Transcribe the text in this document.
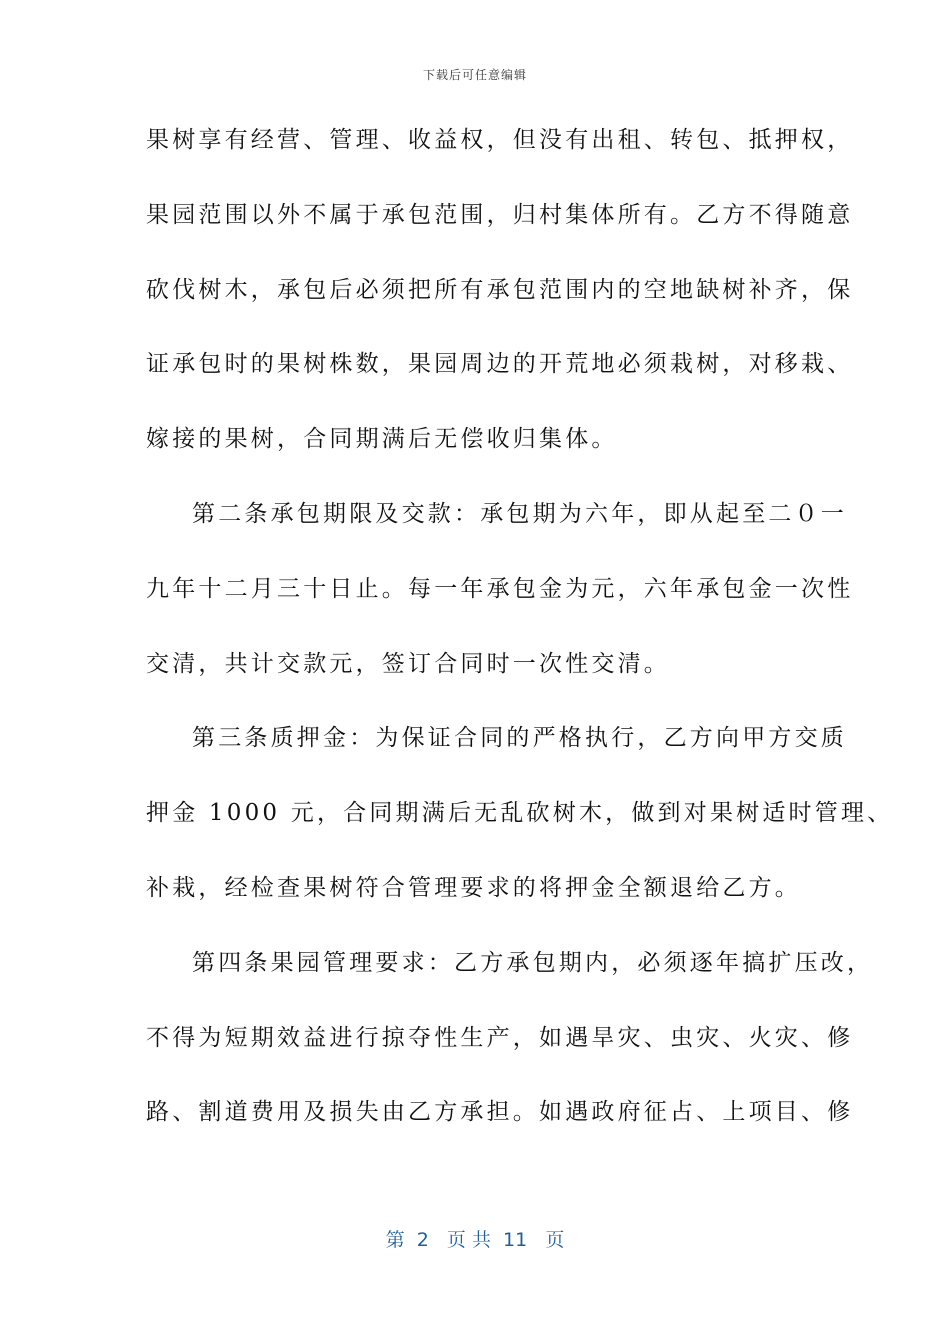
下载后可任意编辑
果树享有经营、管理、收益权，但没有出租、转包、抵押权，
果园范围以外不属于承包范围，归村集体所有。乙方不得随意
砍伐树木，承包后必须把所有承包范围内的空地缺树补齐，保
证承包时的果树株数，果园周边的开荒地必须栽树，对移栽、
嫁接的果树，合同期满后无偿收归集体。
第二条承包期限及交款：承包期为六年，即从起至二０一
九年十二月三十日止。每一年承包金为元，六年承包金一次性
交清，共计交款元，签订合同时一次性交清。
第三条质押金：为保证合同的严格执行，乙方向甲方交质
押金 1000 元，合同期满后无乱砍树木，做到对果树适时管理、
补栽，经检查果树符合管理要求的将押金全额退给乙方。
第四条果园管理要求：乙方承包期内，必须逐年搞扩压改，
不得为短期效益进行掠夺性生产，如遇旱灾、虫灾、火灾、修
路、割道费用及损失由乙方承担。如遇政府征占、上项目、修
第  2   页 共  11   页
